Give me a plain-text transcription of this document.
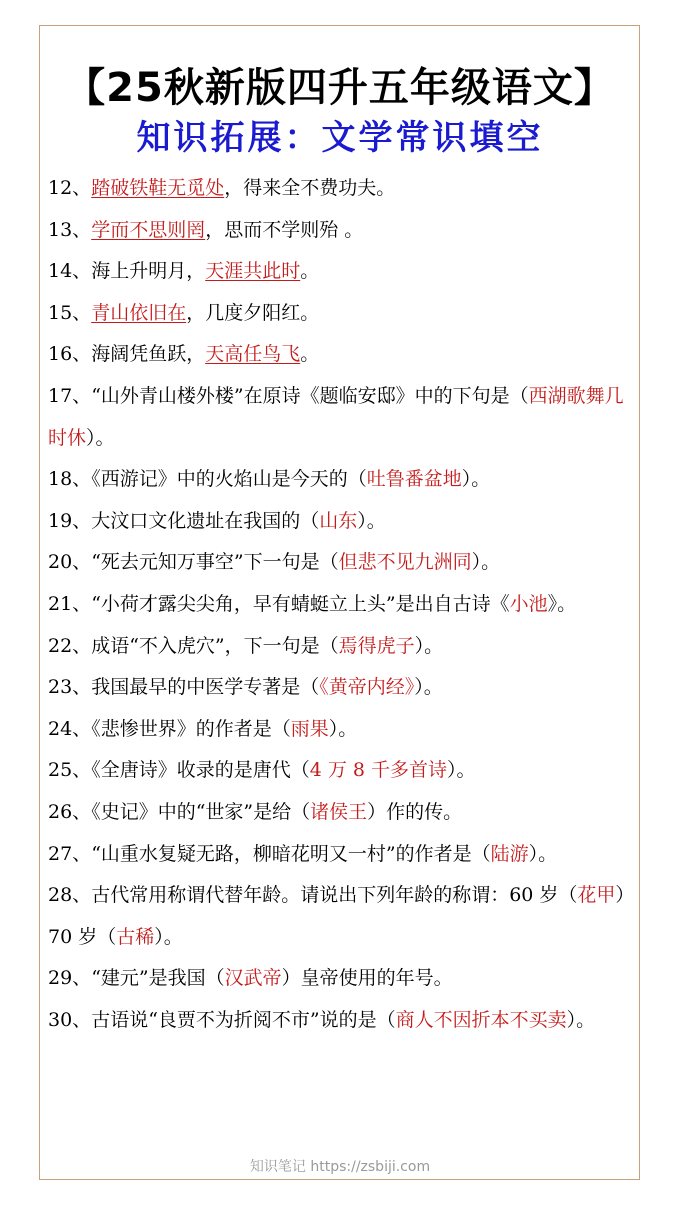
【25秋新版四升五年级语文】
知识拓展：文学常识填空
12、踏破铁鞋无觅处，得来全不费功夫。
13、学而不思则罔，思而不学则殆 。
14、海上升明月，天涯共此时。
15、青山依旧在，几度夕阳红。
16、海阔凭鱼跃，天高任鸟飞。
17、“山外青山楼外楼”在原诗《题临安邸》中的下句是（西湖歌舞几时休）。
18、《西游记》中的火焰山是今天的（吐鲁番盆地）。
19、大汶口文化遗址在我国的（山东）。
20、“死去元知万事空”下一句是（但悲不见九洲同）。
21、“小荷才露尖尖角，早有蜻蜓立上头”是出自古诗《小池》。
22、成语“不入虎穴”，下一句是（焉得虎子）。
23、我国最早的中医学专著是（《黄帝内经》）。
24、《悲惨世界》的作者是（雨果）。
25、《全唐诗》收录的是唐代（4 万 8 千多首诗）。
26、《史记》中的“世家”是给（诸侯王）作的传。
27、“山重水复疑无路，柳暗花明又一村”的作者是（陆游）。
28、古代常用称谓代替年龄。请说出下列年龄的称谓：60 岁（花甲）70 岁（古稀）。
29、“建元”是我国（汉武帝）皇帝使用的年号。
30、古语说“良贾不为折阅不市”说的是（商人不因折本不买卖）。
知识笔记 https://zsbiji.com
